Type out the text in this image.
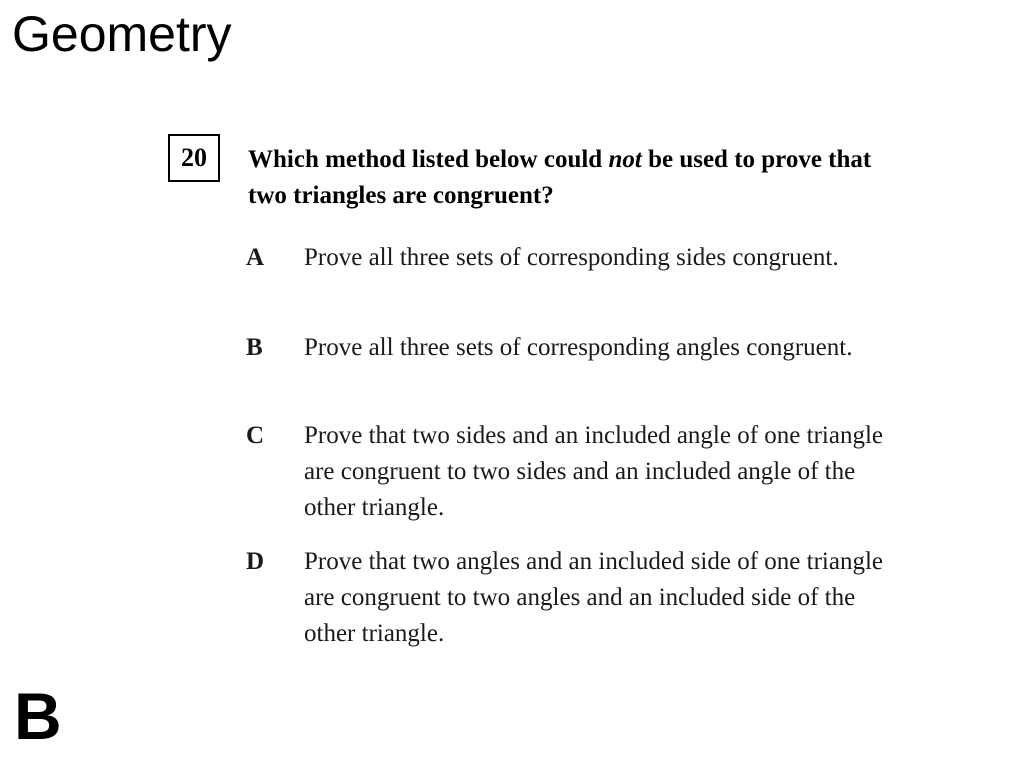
Geometry
20	Which method listed below could not be used to prove that two triangles are congruent?

A Prove all three sets of corresponding sides congruent.
B Prove all three sets of corresponding angles congruent.
C Prove that two sides and an included angle of one triangle are congruent to two sides and an included angle of the other triangle.
D Prove that two angles and an included side of one triangle are congruent to two angles and an included side of the other triangle.

B
